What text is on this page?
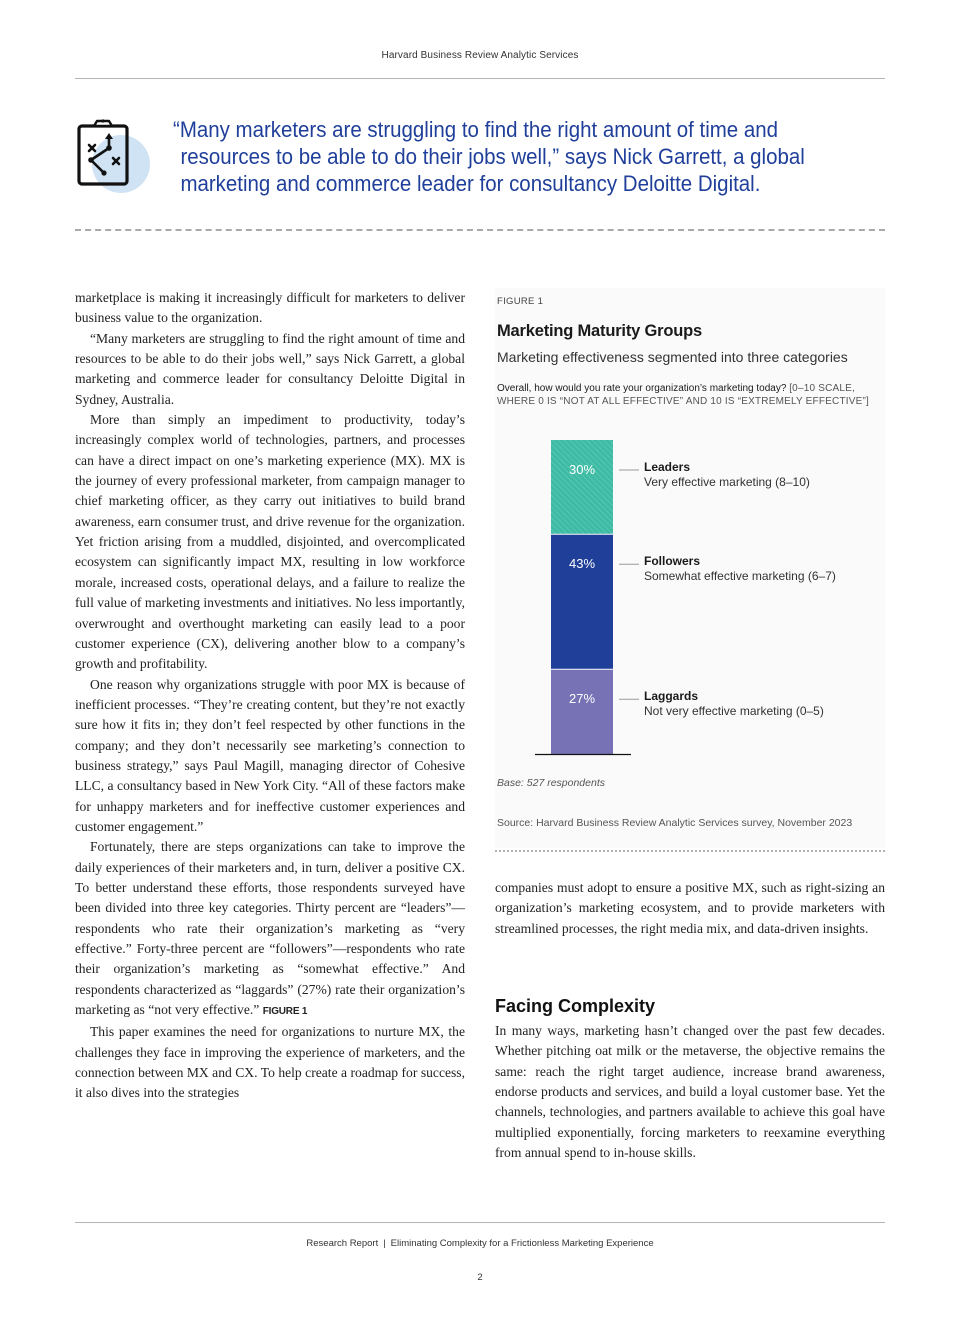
Harvard Business Review Analytic Services
“Many marketers are struggling to find the right amount of time and
resources to be able to do their jobs well,” says Nick Garrett, a global
marketing and commerce leader for consultancy Deloitte Digital.

marketplace is making it increasingly difficult for marketers to deliver business value to the organization.

“Many marketers are struggling to find the right amount of time and resources to be able to do their jobs well,” says Nick Garrett, a global marketing and commerce leader for consultancy Deloitte Digital in Sydney, Australia.

More than simply an impediment to productivity, today’s increasingly complex world of technologies, partners, and processes can have a direct impact on one’s marketing experience (MX). MX is the journey of every professional marketer, from campaign manager to chief marketing officer, as they carry out initiatives to build brand awareness, earn consumer trust, and drive revenue for the organization. Yet friction arising from a muddled, disjointed, and overcomplicated ecosystem can significantly impact MX, resulting in low workforce morale, increased costs, operational delays, and a failure to realize the full value of marketing investments and initiatives. No less importantly, overwrought and overthought marketing can easily lead to a poor customer experience (CX), delivering another blow to a company’s growth and profitability.

One reason why organizations struggle with poor MX is because of inefficient processes. “They’re creating content, but they’re not exactly sure how it fits in; they don’t feel respected by other functions in the company; and they don’t necessarily see marketing’s connection to business strategy,” says Paul Magill, managing director of Cohesive LLC, a consultancy based in New York City. “All of these factors make for unhappy marketers and for ineffective customer experiences and customer engagement.”

Fortunately, there are steps organizations can take to improve the daily experiences of their marketers and, in turn, deliver a positive CX. To better understand these efforts, those respondents surveyed have been divided into three key categories. Thirty percent are “leaders”—respondents who rate their organization’s marketing as “very effective.” Forty-three percent are “followers”—respondents who rate their organization’s marketing as “somewhat effective.” And respondents characterized as “laggards” (27%) rate their organization’s marketing as “not very effective.” FIGURE 1

This paper examines the need for organizations to nurture MX, the challenges they face in improving the experience of marketers, and the connection between MX and CX. To help create a roadmap for success, it also dives into the strategies

FIGURE 1
Marketing Maturity Groups
Marketing effectiveness segmented into three categories
Overall, how would you rate your organization’s marketing today? [0–10 SCALE, WHERE 0 IS “NOT AT ALL EFFECTIVE” AND 10 IS “EXTREMELY EFFECTIVE”]
27%	Laggards
Not very effective marketing (0–5)
43%	Followers
Somewhat effective marketing (6–7)
30%	Leaders
Very effective marketing (8–10)
Base: 527 respondents
Source: Harvard Business Review Analytic Services survey, November 2023

companies must adopt to ensure a positive MX, such as right-sizing an organization’s marketing ecosystem, and to provide marketers with streamlined processes, the right media mix, and data-driven insights.

Facing Complexity

In many ways, marketing hasn’t changed over the past few decades. Whether pitching oat milk or the metaverse, the objective remains the same: reach the right target audience, increase brand awareness, endorse products and services, and build a loyal customer base. Yet the channels, technologies, and partners available to achieve this goal have multiplied exponentially, forcing marketers to reexamine everything from annual spend to in-house skills.

Research Report | Eliminating Complexity for a Frictionless Marketing Experience
2
